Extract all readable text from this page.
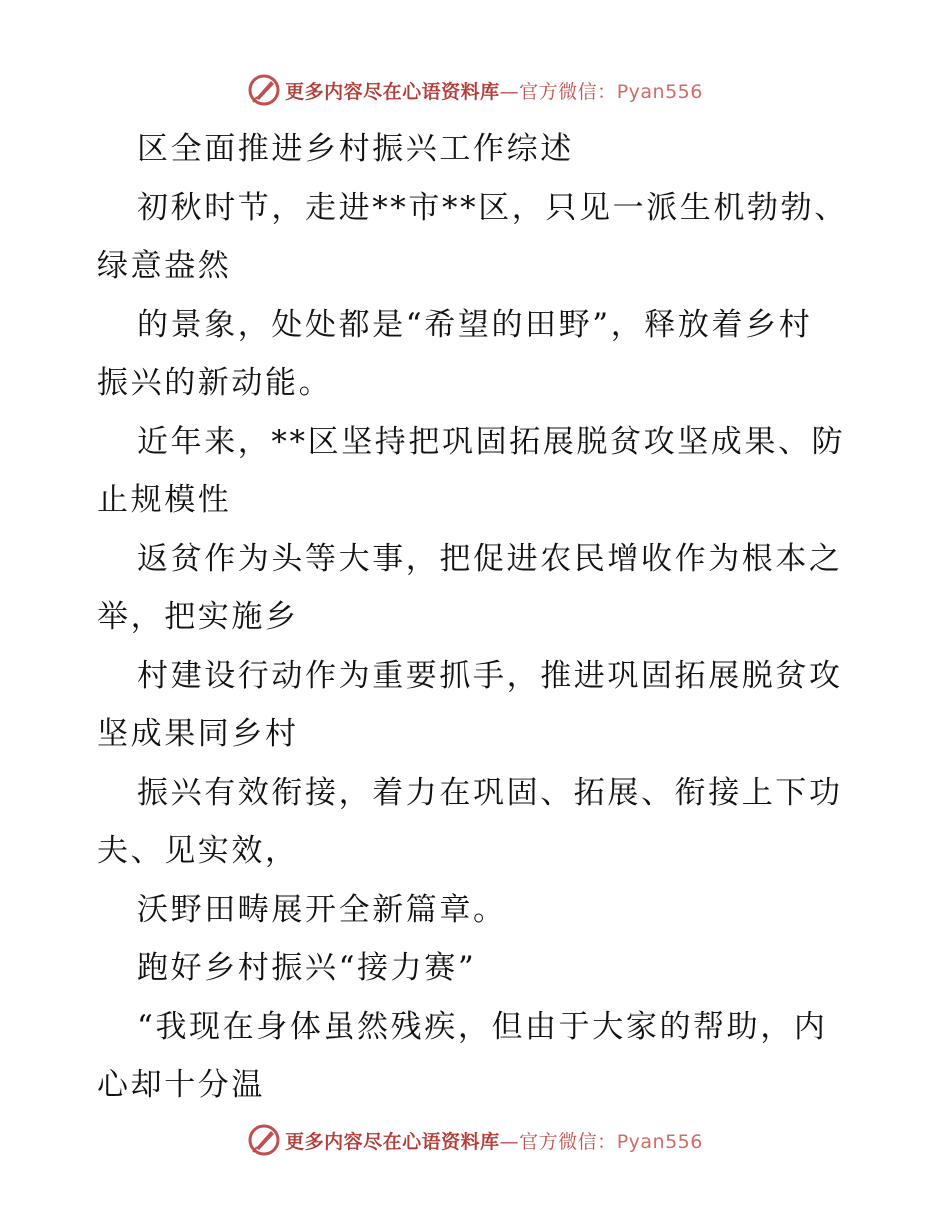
更多内容尽在心语资料库—官方微信：Pyan556
区全面推进乡村振兴工作综述
初秋时节，走进**市**区，只见一派生机勃勃、
绿意盎然
的景象，处处都是“希望的田野”，释放着乡村
振兴的新动能。
近年来，**区坚持把巩固拓展脱贫攻坚成果、防
止规模性
返贫作为头等大事，把促进农民增收作为根本之
举，把实施乡
村建设行动作为重要抓手，推进巩固拓展脱贫攻
坚成果同乡村
振兴有效衔接，着力在巩固、拓展、衔接上下功
夫、见实效，
沃野田畴展开全新篇章。
跑好乡村振兴“接力赛”
“我现在身体虽然残疾，但由于大家的帮助，内
心却十分温
更多内容尽在心语资料库—官方微信：Pyan556
